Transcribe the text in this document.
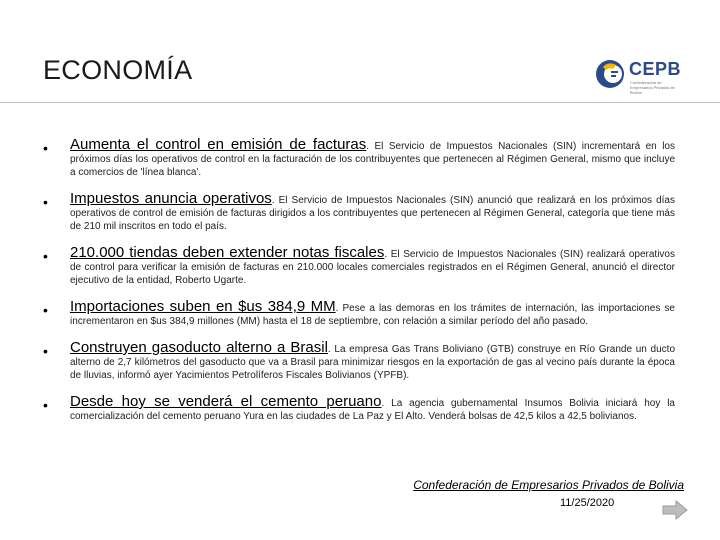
ECONOMÍA	CEPB
Confederación de Empresarios Privados de Bolivia
• Aumenta el control en emisión de facturas. El Servicio de Impuestos Nacionales (SIN) incrementará en los próximos días los operativos de control en la facturación de los contribuyentes que pertenecen al Régimen General, mismo que incluye a comercios de 'línea blanca'.
• Impuestos anuncia operativos. El Servicio de Impuestos Nacionales (SIN) anunció que realizará en los próximos días operativos de control de emisión de facturas dirigidos a los contribuyentes que pertenecen al Régimen General, categoría que tiene más de 210 mil inscritos en todo el país.
• 210.000 tiendas deben extender notas fiscales. El Servicio de Impuestos Nacionales (SIN) realizará operativos de control para verificar la emisión de facturas en 210.000 locales comerciales registrados en el Régimen General, anunció el director ejecutivo de la entidad, Roberto Ugarte.
• Importaciones suben en $us 384,9 MM. Pese a las demoras en los trámites de internación, las importaciones se incrementaron en $us 384,9 millones (MM) hasta el 18 de septiembre, con relación a similar período del año pasado.
• Construyen gasoducto alterno a Brasil. La empresa Gas Trans Boliviano (GTB) construye en Río Grande un ducto alterno de 2,7 kilómetros del gasoducto que va a Brasil para minimizar riesgos en la exportación de gas al vecino país durante la época de lluvias, informó ayer Yacimientos Petrolíferos Fiscales Bolivianos (YPFB).
• Desde hoy se venderá el cemento peruano. La agencia gubernamental Insumos Bolivia iniciará hoy la comercialización del cemento peruano Yura en las ciudades de La Paz y El Alto. Venderá bolsas de 42,5 kilos a 42,5 bolivianos.
Confederación de Empresarios Privados de Bolivia
11/25/2020
